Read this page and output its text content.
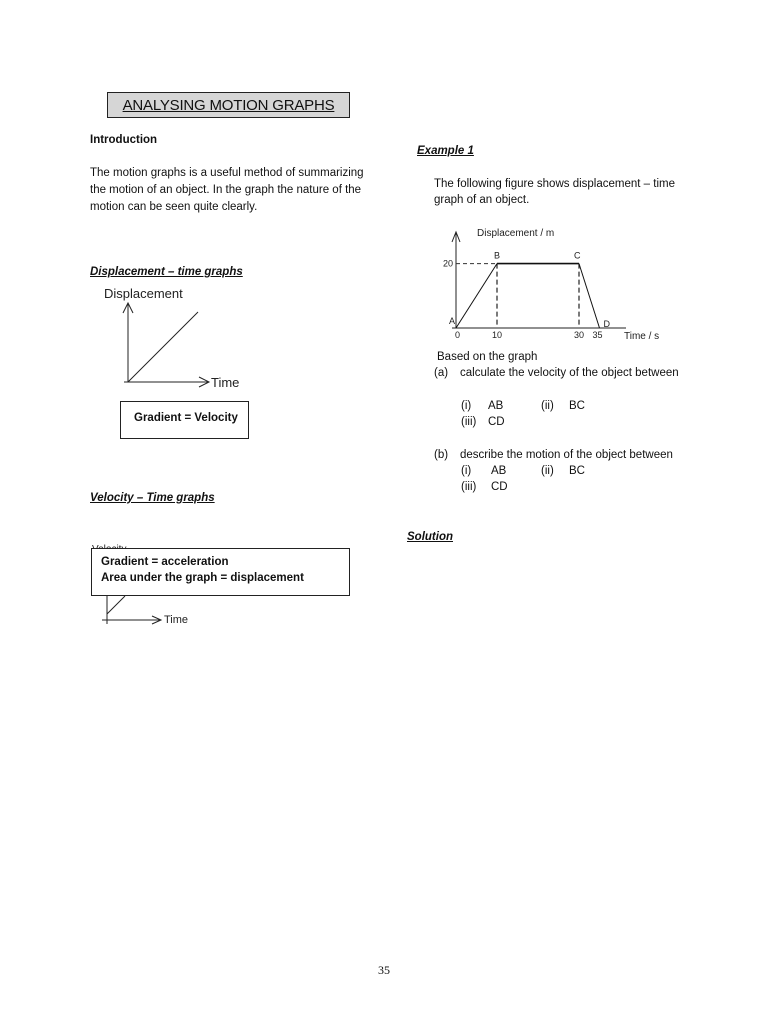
ANALYSING MOTION GRAPHS
Introduction
The motion graphs is a useful method of summarizing
the motion of an object. In the graph the nature of the
motion can be seen quite clearly.
Displacement – time graphs
Displacement
Time
Gradient = Velocity
Velocity – Time graphs
Time
Gradient = acceleration
Area under the graph = displacement
Example 1
The following figure shows displacement – time
graph of an object.
Displacement / m
Time / s
0	10	30 35
20
A
B	C
D
Based on the graph
(a) calculate the velocity of the object between
(i) AB	(ii) BC
(iii) CD
(b) describe the motion of the object between
(i) AB	(ii) BC
(iii) CD
Solution
35
